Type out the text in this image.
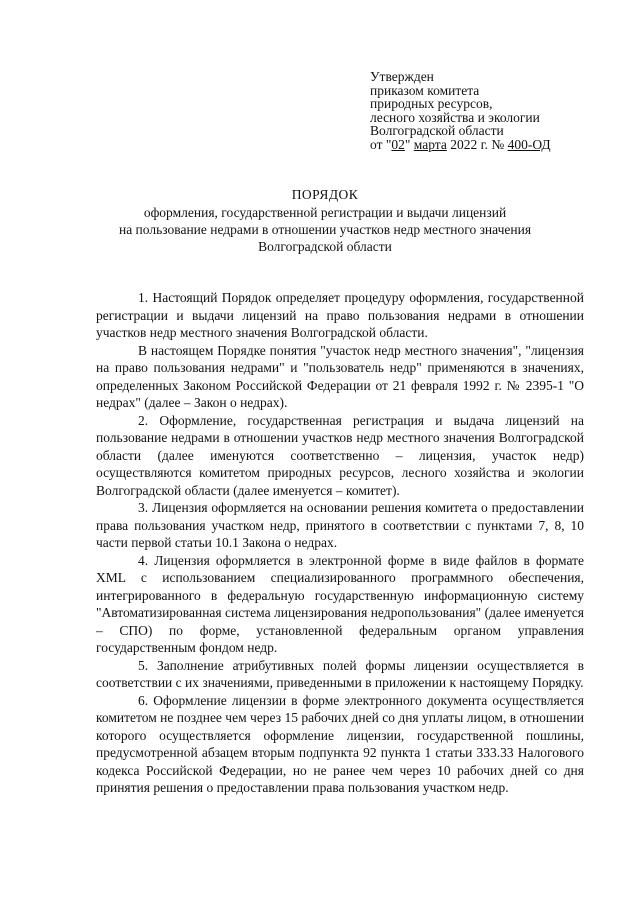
Утвержден
приказом комитета
природных ресурсов,
лесного хозяйства и экологии
Волгоградской области
от "02" марта 2022 г. № 400-ОД
ПОРЯДОК
оформления, государственной регистрации и выдачи лицензий
на пользование недрами в отношении участков недр местного значения
Волгоградской области

1. Настоящий Порядок определяет процедуру оформления, государственной регистрации и выдачи лицензий на право пользования недрами в отношении участков недр местного значения Волгоградской области.

В настоящем Порядке понятия "участок недр местного значения", "лицензия на право пользования недрами" и "пользователь недр" применяются в значениях, определенных Законом Российской Федерации от 21 февраля 1992 г. № 2395-1 "О недрах" (далее – Закон о недрах).

2. Оформление, государственная регистрация и выдача лицензий на пользование недрами в отношении участков недр местного значения Волгоградской области (далее именуются соответственно – лицензия, участок недр) осуществляются комитетом природных ресурсов, лесного хозяйства и экологии Волгоградской области (далее именуется – комитет).

3. Лицензия оформляется на основании решения комитета о предоставлении права пользования участком недр, принятого в соответствии с пунктами 7, 8, 10 части первой статьи 10.1 Закона о недрах.

4. Лицензия оформляется в электронной форме в виде файлов в формате XML с использованием специализированного программного обеспечения, интегрированного в федеральную государственную информационную систему "Автоматизированная система лицензирования недропользования" (далее именуется – СПО) по форме, установленной федеральным органом управления государственным фондом недр.

5. Заполнение атрибутивных полей формы лицензии осуществляется в соответствии с их значениями, приведенными в приложении к настоящему Порядку.

6. Оформление лицензии в форме электронного документа осуществляется комитетом не позднее чем через 15 рабочих дней со дня уплаты лицом, в отношении которого осуществляется оформление лицензии, государственной пошлины, предусмотренной абзацем вторым подпункта 92 пункта 1 статьи 333.33 Налогового кодекса Российской Федерации, но не ранее чем через 10 рабочих дней со дня принятия решения о предоставлении права пользования участком недр.
